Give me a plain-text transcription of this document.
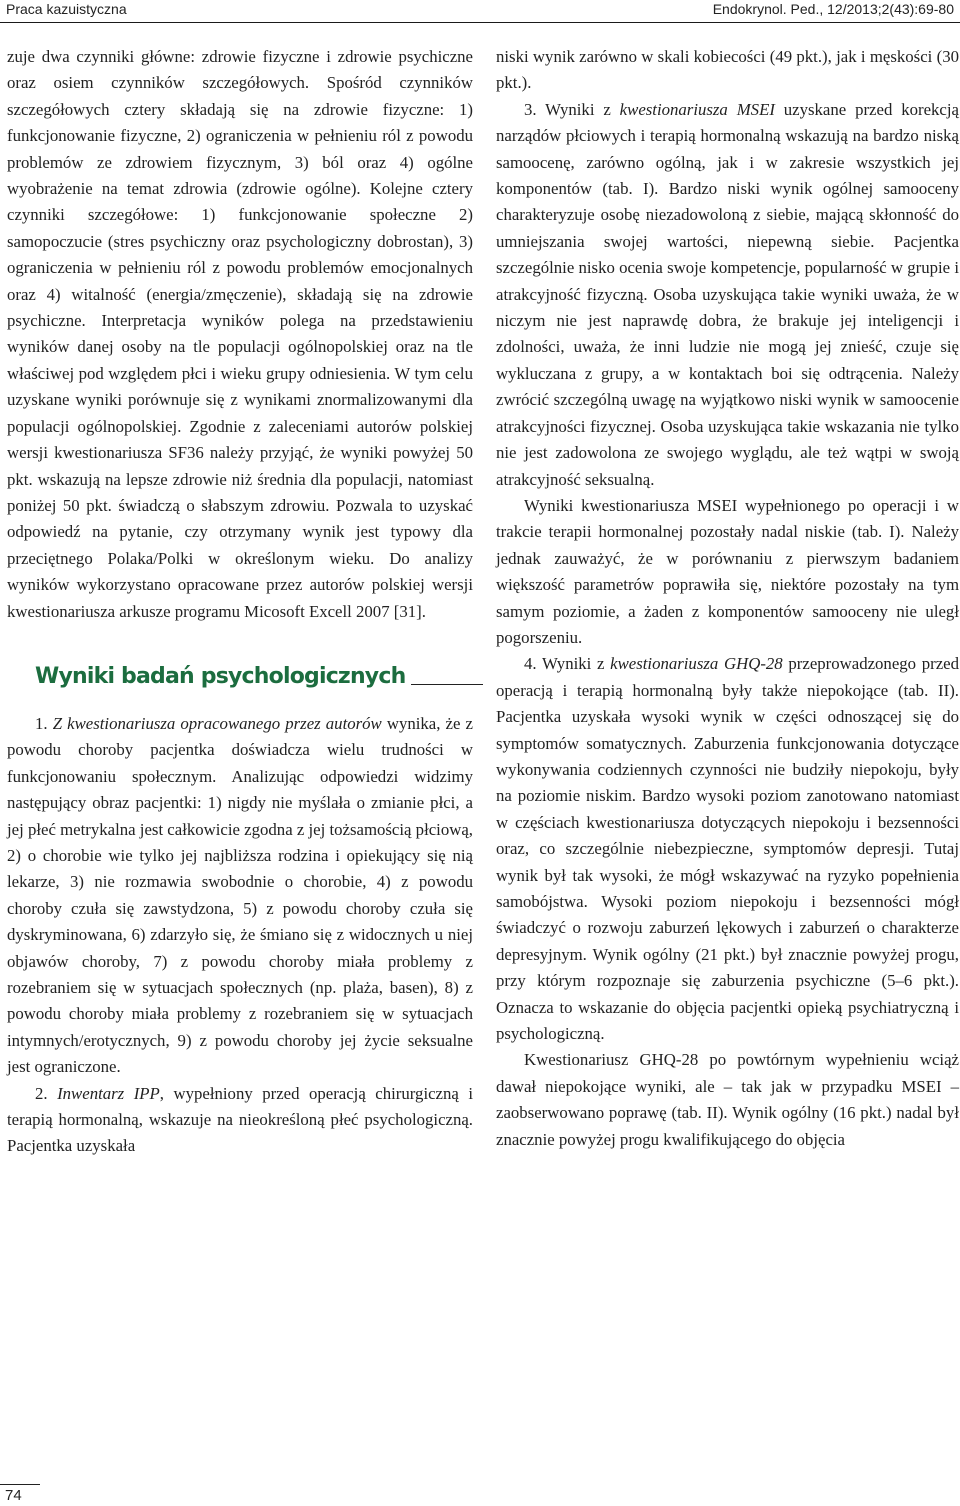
Praca kazuistyczna	Endokrynol. Ped., 12/2013;2(43):69-80

zuje dwa czynniki główne: zdrowie fizyczne i zdrowie psychiczne oraz osiem czynników szczegółowych. Spośród czynników szczegółowych cztery składają się na zdrowie fizyczne: 1) funkcjonowanie fizyczne, 2) ograniczenia w pełnieniu ról z powodu problemów ze zdrowiem fizycznym, 3) ból oraz 4) ogólne wyobrażenie na temat zdrowia (zdrowie ogólne). Kolejne cztery czynniki szczegółowe: 1) funkcjonowanie społeczne 2) samopoczucie (stres psychiczny oraz psychologiczny dobrostan), 3) ograniczenia w pełnieniu ról z powodu problemów emocjonalnych oraz 4) witalność (energia/zmęczenie), składają się na zdrowie psychiczne. Interpretacja wyników polega na przedstawieniu wyników danej osoby na tle populacji ogólnopolskiej oraz na tle właściwej pod względem płci i wieku grupy odniesienia. W tym celu uzyskane wyniki porównuje się z wynikami znormalizowanymi dla populacji ogólnopolskiej. Zgodnie z zaleceniami autorów polskiej wersji kwestionariusza SF36 należy przyjąć, że wyniki powyżej 50 pkt. wskazują na lepsze zdrowie niż średnia dla populacji, natomiast poniżej 50 pkt. świadczą o słabszym zdrowiu. Pozwala to uzyskać odpowiedź na pytanie, czy otrzymany wynik jest typowy dla przeciętnego Polaka/Polki w określonym wieku. Do analizy wyników wykorzystano opracowane przez autorów polskiej wersji kwestionariusza arkusze programu Micosoft Excell 2007 [31].

Wyniki badań psychologicznych

1. Z kwestionariusza opracowanego przez autorów wynika, że z powodu choroby pacjentka doświadcza wielu trudności w funkcjonowaniu społecznym. Analizując odpowiedzi widzimy następujący obraz pacjentki: 1) nigdy nie myślała o zmianie płci, a jej płeć metrykalna jest całkowicie zgodna z jej tożsamością płciową, 2) o chorobie wie tylko jej najbliższa rodzina i opiekujący się nią lekarze, 3) nie rozmawia swobodnie o chorobie, 4) z powodu choroby czuła się zawstydzona, 5) z powodu choroby czuła się dyskryminowana, 6) zdarzyło się, że śmiano się z widocznych u niej objawów choroby, 7) z powodu choroby miała problemy z rozebraniem się w sytuacjach społecznych (np. plaża, basen), 8) z powodu choroby miała problemy z rozebraniem się w sytuacjach intymnych/erotycznych, 9) z powodu choroby jej życie seksualne jest ograniczone.

2. Inwentarz IPP, wypełniony przed operacją chirurgiczną i terapią hormonalną, wskazuje na nieokreśloną płeć psychologiczną. Pacjentka uzyskała

niski wynik zarówno w skali kobiecości (49 pkt.), jak i męskości (30 pkt.).

3. Wyniki z kwestionariusza MSEI uzyskane przed korekcją narządów płciowych i terapią hormonalną wskazują na bardzo niską samoocenę, zarówno ogólną, jak i w zakresie wszystkich jej komponentów (tab. I). Bardzo niski wynik ogólnej samooceny charakteryzuje osobę niezadowoloną z siebie, mającą skłonność do umniejszania swojej wartości, niepewną siebie. Pacjentka szczególnie nisko ocenia swoje kompetencje, popularność w grupie i atrakcyjność fizyczną. Osoba uzyskująca takie wyniki uważa, że w niczym nie jest naprawdę dobra, że brakuje jej inteligencji i zdolności, uważa, że inni ludzie nie mogą jej znieść, czuje się wykluczana z grupy, a w kontaktach boi się odtrącenia. Należy zwrócić szczególną uwagę na wyjątkowo niski wynik w samoocenie atrakcyjności fizycznej. Osoba uzyskująca takie wskazania nie tylko nie jest zadowolona ze swojego wyglądu, ale też wątpi w swoją atrakcyjność seksualną.

Wyniki kwestionariusza MSEI wypełnionego po operacji i w trakcie terapii hormonalnej pozostały nadal niskie (tab. I). Należy jednak zauważyć, że w porównaniu z pierwszym badaniem większość parametrów poprawiła się, niektóre pozostały na tym samym poziomie, a żaden z komponentów samooceny nie uległ pogorszeniu.

4. Wyniki z kwestionariusza GHQ-28 przeprowadzonego przed operacją i terapią hormonalną były także niepokojące (tab. II). Pacjentka uzyskała wysoki wynik w części odnoszącej się do symptomów somatycznych. Zaburzenia funkcjonowania dotyczące wykonywania codziennych czynności nie budziły niepokoju, były na poziomie niskim. Bardzo wysoki poziom zanotowano natomiast w częściach kwestionariusza dotyczących niepokoju i bezsenności oraz, co szczególnie niebezpieczne, symptomów depresji. Tutaj wynik był tak wysoki, że mógł wskazywać na ryzyko popełnienia samobójstwa. Wysoki poziom niepokoju i bezsenności mógł świadczyć o rozwoju zaburzeń lękowych i zaburzeń o charakterze depresyjnym. Wynik ogólny (21 pkt.) był znacznie powyżej progu, przy którym rozpoznaje się zaburzenia psychiczne (5–6 pkt.). Oznacza to wskazanie do objęcia pacjentki opieką psychiatryczną i psychologiczną.

Kwestionariusz GHQ-28 po powtórnym wypełnieniu wciąż dawał niepokojące wyniki, ale – tak jak w przypadku MSEI – zaobserwowano poprawę (tab. II). Wynik ogólny (16 pkt.) nadal był znacznie powyżej progu kwalifikującego do objęcia

74
